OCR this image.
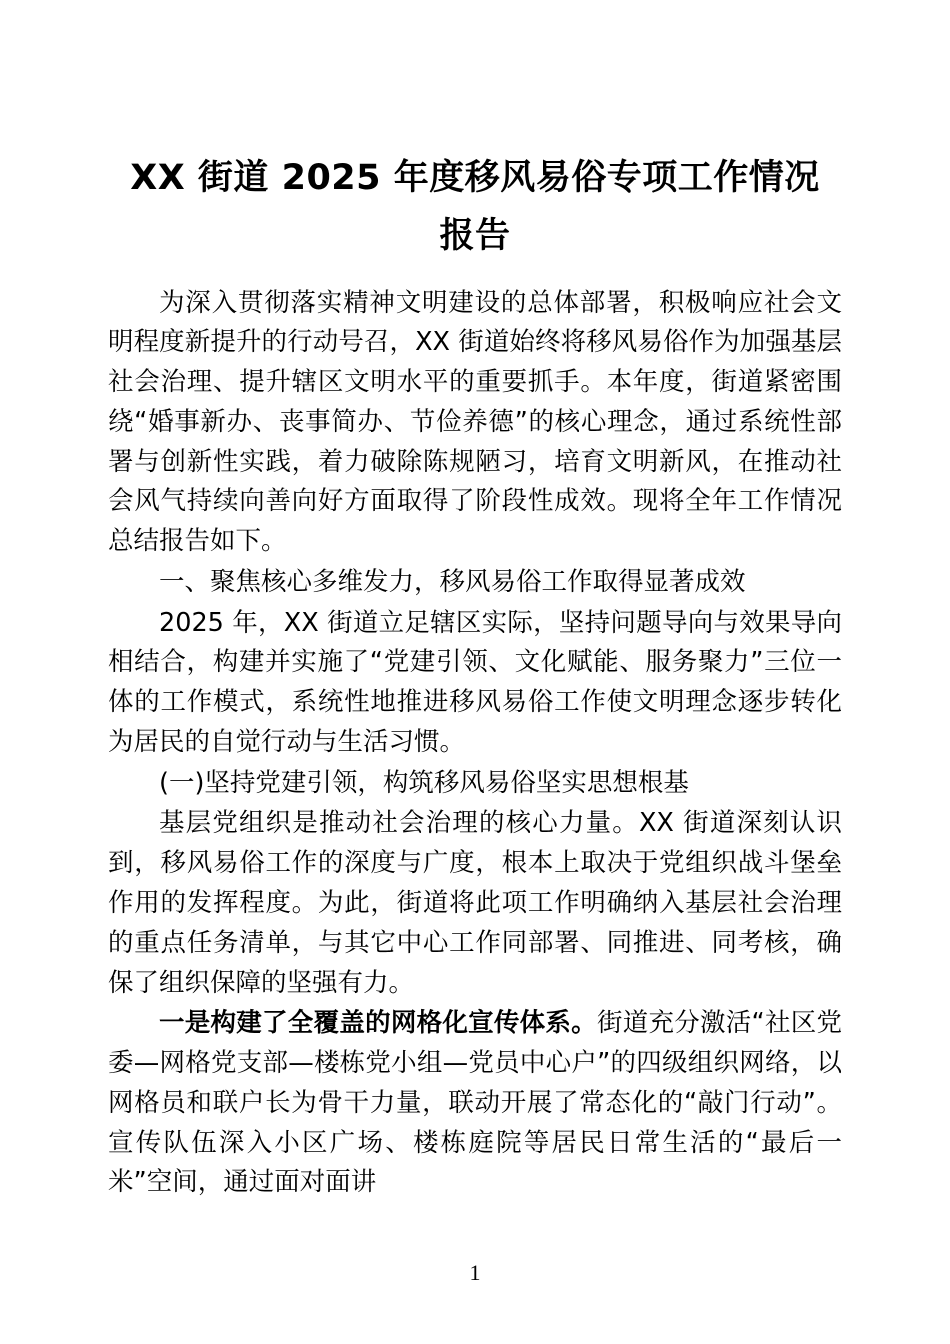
XX 街道 2025 年度移风易俗专项工作情况报告

为深入贯彻落实精神文明建设的总体部署，积极响应社会文明程度新提升的行动号召，XX 街道始终将移风易俗作为加强基层社会治理、提升辖区文明水平的重要抓手。本年度，街道紧密围绕“婚事新办、丧事简办、节俭养德”的核心理念，通过系统性部署与创新性实践，着力破除陈规陋习，培育文明新风，在推动社会风气持续向善向好方面取得了阶段性成效。现将全年工作情况总结报告如下。

一、聚焦核心多维发力，移风易俗工作取得显著成效

2025 年，XX 街道立足辖区实际，坚持问题导向与效果导向相结合，构建并实施了“党建引领、文化赋能、服务聚力”三位一体的工作模式，系统性地推进移风易俗工作使文明理念逐步转化为居民的自觉行动与生活习惯。

(一)坚持党建引领，构筑移风易俗坚实思想根基

基层党组织是推动社会治理的核心力量。XX 街道深刻认识到，移风易俗工作的深度与广度，根本上取决于党组织战斗堡垒作用的发挥程度。为此，街道将此项工作明确纳入基层社会治理的重点任务清单，与其它中心工作同部署、同推进、同考核，确保了组织保障的坚强有力。

一是构建了全覆盖的网格化宣传体系。街道充分激活“社区党委—网格党支部—楼栋党小组—党员中心户”的四级组织网络，以网格员和联户长为骨干力量，联动开展了常态化的“敲门行动”。宣传队伍深入小区广场、楼栋庭院等居民日常生活的“最后一米”空间，通过面对面讲

1
